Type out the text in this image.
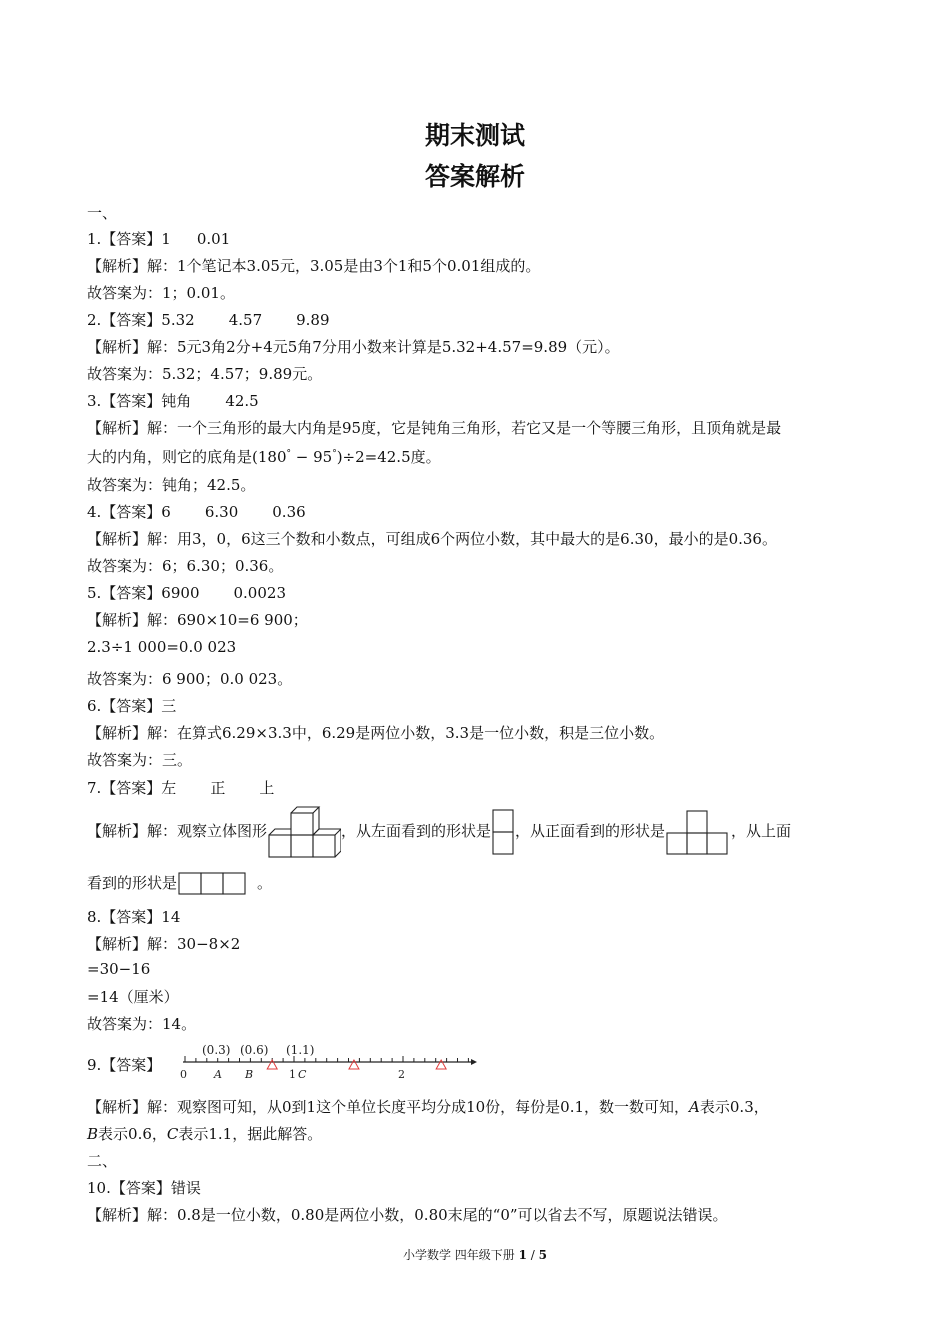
期末测试
答案解析
一、
1.【答案】1 0.01
【解析】解：1个笔记本3.05元，3.05是由3个1和5个0.01组成的。
故答案为：1；0.01。
2.【答案】5.32 4.57 9.89
【解析】解：5元3角2分+4元5角7分用小数来计算是5.32+4.57=9.89（元）。
故答案为：5.32；4.57；9.89元。
3.【答案】钝角 42.5
【解析】解：一个三角形的最大内角是95度，它是钝角三角形，若它又是一个等腰三角形，且顶角就是最
大的内角，则它的底角是(180° − 95°)÷2=42.5度。
故答案为：钝角；42.5。
4.【答案】6 6.30 0.36
【解析】解：用3，0，6这三个数和小数点，可组成6个两位小数，其中最大的是6.30，最小的是0.36。
故答案为：6；6.30；0.36。
5.【答案】6900 0.0023
【解析】解：690×10=6 900；
2.3÷1 000=0.0 023
故答案为：6 900；0.0 023。
6.【答案】三
【解析】解：在算式6.29×3.3中，6.29是两位小数，3.3是一位小数，积是三位小数。
故答案为：三。
7.【答案】左 正 上
【解析】解：观察立体图形	，从左面看到的形状是 ，从正面看到的形状是	，从上面
看到的形状是	。
8.【答案】14
【解析】解：30−8×2
=30−16
=14（厘米）
故答案为：14。
9.【答案】
(0.3) (0.6) (1.1)
0 A B	1 C	2
【解析】解：观察图可知，从0到1这个单位长度平均分成10份，每份是0.1，数一数可知，A表示0.3，
B表示0.6，C表示1.1，据此解答。
二、
10.【答案】错误
【解析】解：0.8是一位小数，0.80是两位小数，0.80末尾的“0”可以省去不写，原题说法错误。
小学数学 四年级下册 1 / 5
